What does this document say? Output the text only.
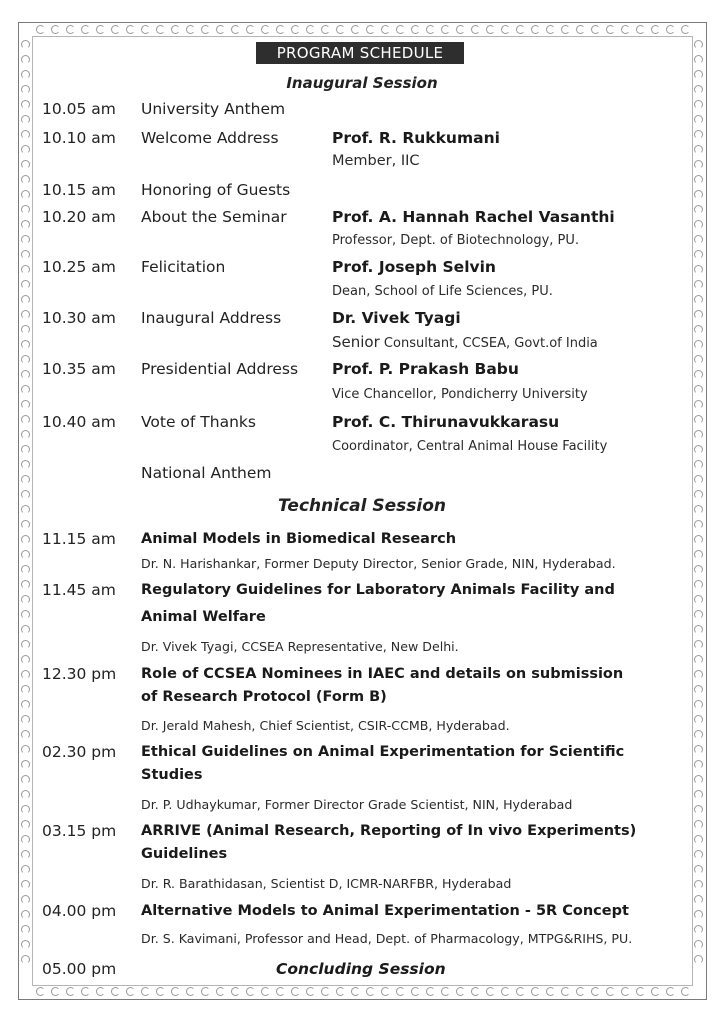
PROGRAM SCHEDULE
Inaugural Session
10.05 am University Anthem
10.10 am Welcome Address	Prof. R. Rukkumani
Member, IIC
10.15 am Honoring of Guests
10.20 am About the Seminar	Prof. A. Hannah Rachel Vasanthi
Professor, Dept. of Biotechnology, PU.
10.25 am Felicitation	Prof. Joseph Selvin
Dean, School of Life Sciences, PU.
10.30 am Inaugural Address	Dr. Vivek Tyagi
Senior Consultant, CCSEA, Govt.of India
10.35 am Presidential Address Prof. P. Prakash Babu
Vice Chancellor, Pondicherry University
10.40 am Vote of Thanks	Prof. C. Thirunavukkarasu
Coordinator, Central Animal House Facility
National Anthem
Technical Session
11.15 am Animal Models in Biomedical Research
Dr. N. Harishankar, Former Deputy Director, Senior Grade, NIN, Hyderabad.
11.45 am Regulatory Guidelines for Laboratory Animals Facility and
Animal Welfare
Dr. Vivek Tyagi, CCSEA Representative, New Delhi.
12.30 pm Role of CCSEA Nominees in IAEC and details on submission
of Research Protocol (Form B)
Dr. Jerald Mahesh, Chief Scientist, CSIR-CCMB, Hyderabad.
02.30 pm Ethical Guidelines on Animal Experimentation for Scientific
Studies
Dr. P. Udhaykumar, Former Director Grade Scientist, NIN, Hyderabad
03.15 pm ARRIVE (Animal Research, Reporting of In vivo Experiments)
Guidelines
Dr. R. Barathidasan, Scientist D, ICMR-NARFBR, Hyderabad
04.00 pm Alternative Models to Animal Experimentation - 5R Concept
Dr. S. Kavimani, Professor and Head, Dept. of Pharmacology, MTPG&RIHS, PU.
05.00 pm	Concluding Session
